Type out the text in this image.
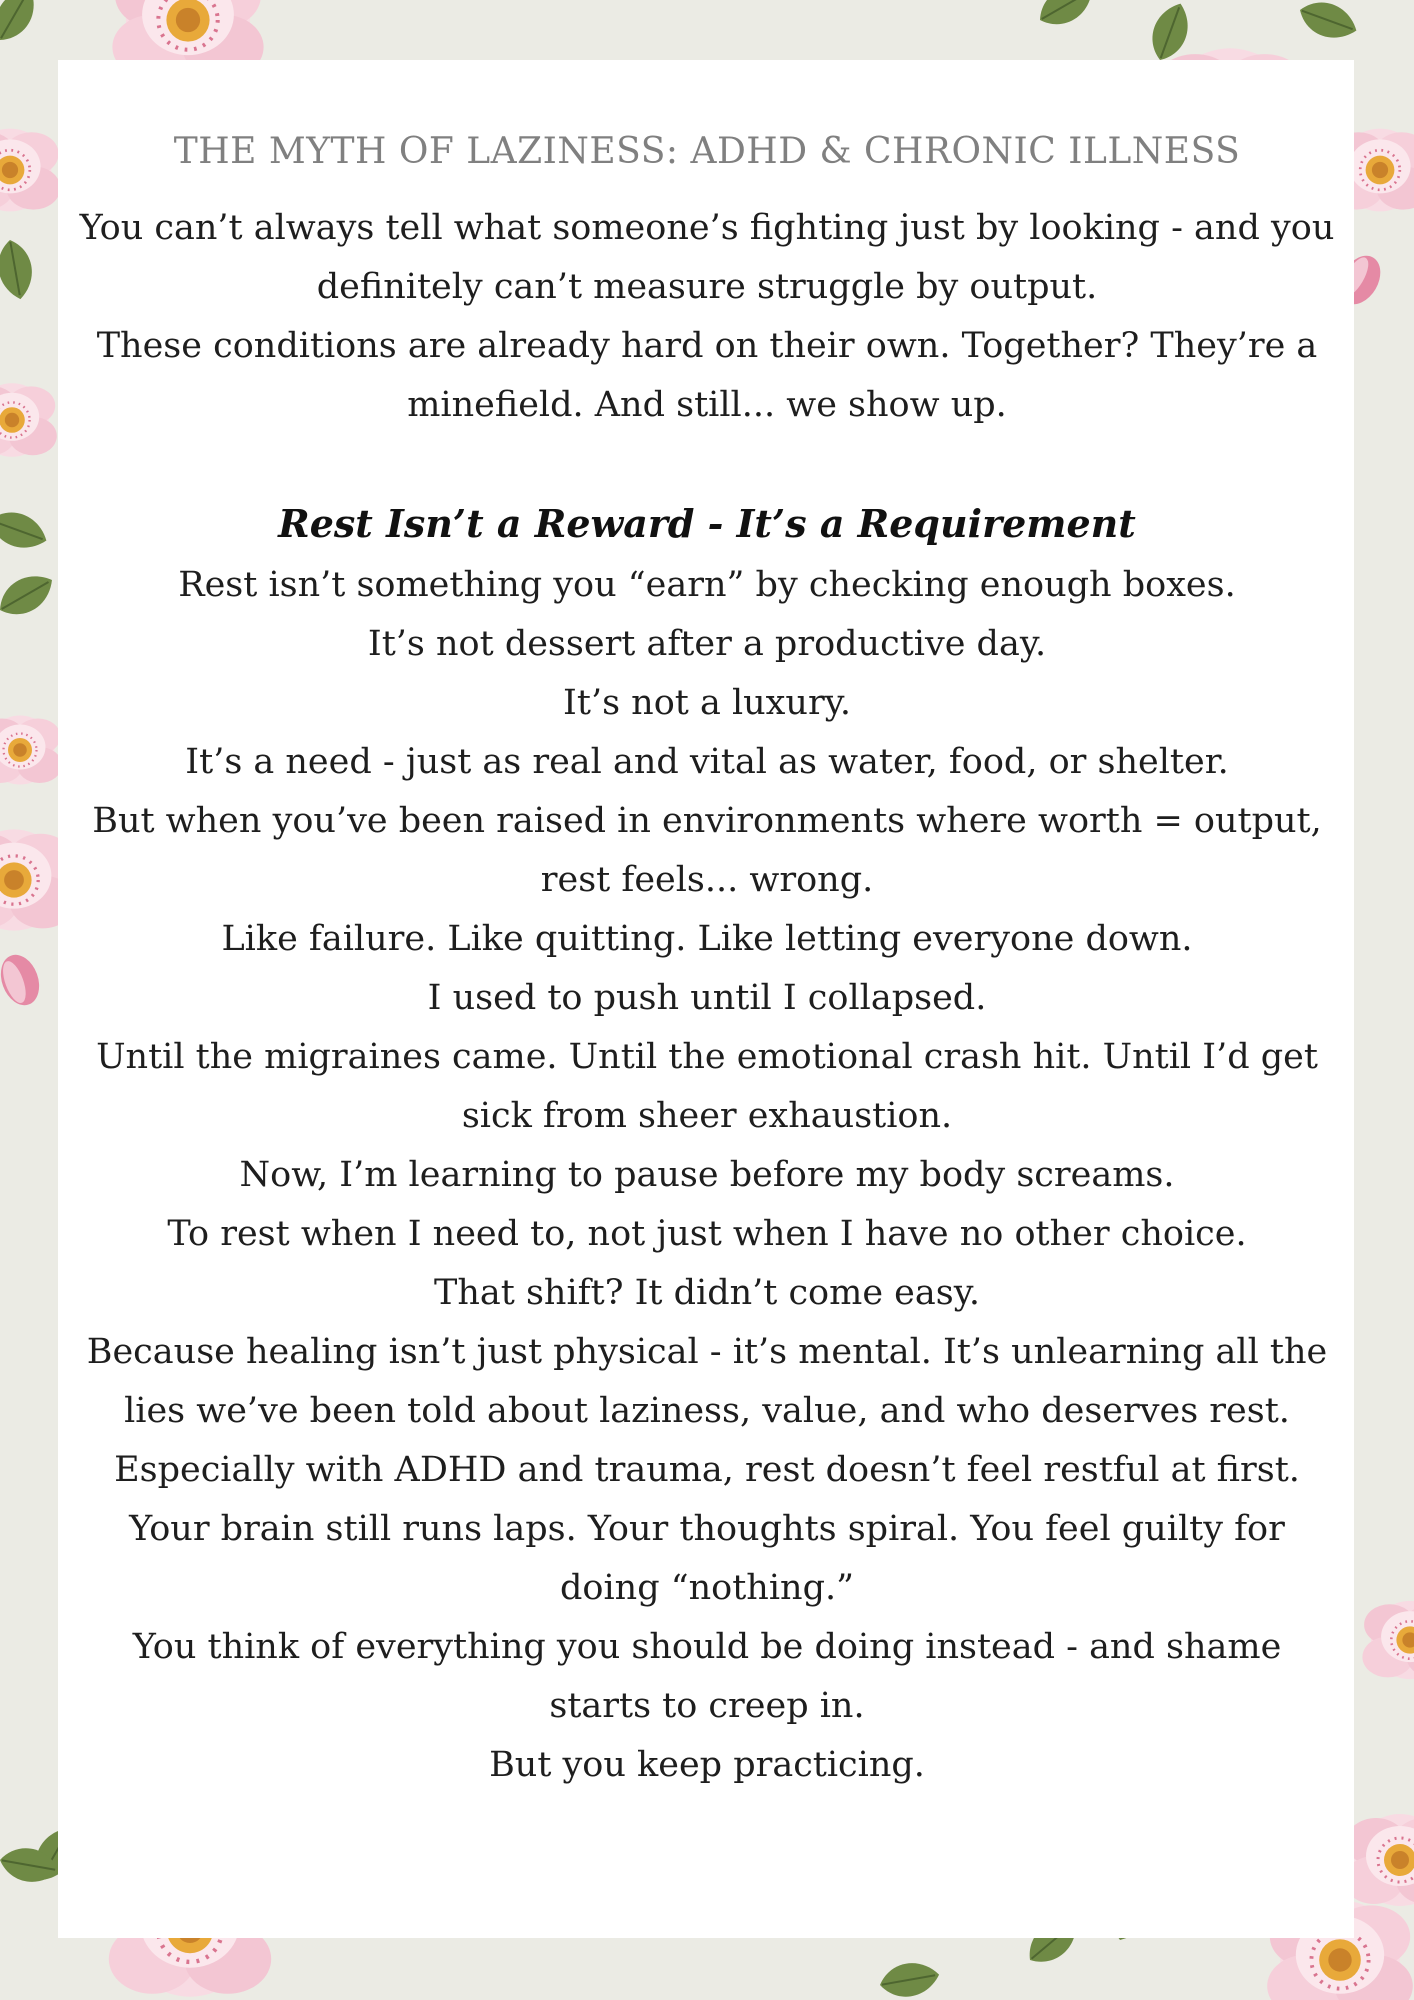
THE MYTH OF LAZINESS: ADHD & CHRONIC ILLNESS

You can’t always tell what someone’s fighting just by looking - and you definitely can’t measure struggle by output.

These conditions are already hard on their own. Together? They’re a minefield. And still... we show up.

Rest Isn’t a Reward - It’s a Requirement

Rest isn’t something you “earn” by checking enough boxes.

It’s not dessert after a productive day.

It’s not a luxury.

It’s a need - just as real and vital as water, food, or shelter.

But when you’ve been raised in environments where worth = output, rest feels... wrong.

Like failure. Like quitting. Like letting everyone down.

I used to push until I collapsed.

Until the migraines came. Until the emotional crash hit. Until I’d get sick from sheer exhaustion.

Now, I’m learning to pause before my body screams.

To rest when I need to, not just when I have no other choice.

That shift? It didn’t come easy.

Because healing isn’t just physical - it’s mental. It’s unlearning all the lies we’ve been told about laziness, value, and who deserves rest.

Especially with ADHD and trauma, rest doesn’t feel restful at first.

Your brain still runs laps. Your thoughts spiral. You feel guilty for doing “nothing.”

You think of everything you should be doing instead - and shame starts to creep in.

But you keep practicing.
